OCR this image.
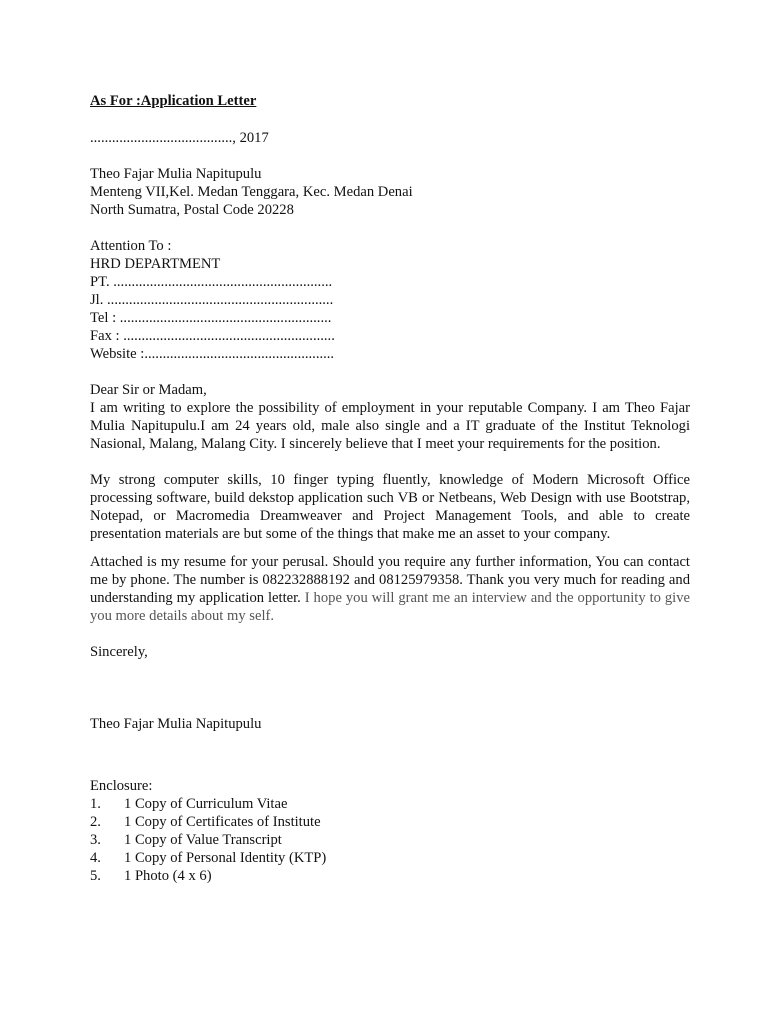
As For :Application Letter
......................................., 2017
Theo Fajar Mulia Napitupulu
Menteng VII,Kel. Medan Tenggara, Kec. Medan Denai
North Sumatra, Postal Code 20228
Attention To :
HRD DEPARTMENT
PT. ............................................................
Jl. ..............................................................
Tel : ..........................................................
Fax : ..........................................................
Website :....................................................
Dear Sir or Madam,

I am writing to explore the possibility of employment in your reputable Company. I am Theo Fajar Mulia Napitupulu.I am 24 years old, male also single and a IT graduate of the Institut Teknologi Nasional, Malang, Malang City. I sincerely believe that I meet your requirements for the position.

My strong computer skills, 10 finger typing fluently, knowledge of Modern Microsoft Office processing software, build dekstop application such VB or Netbeans, Web Design with use Bootstrap, Notepad, or Macromedia Dreamweaver and Project Management Tools, and able to create presentation materials are but some of the things that make me an asset to your company.

Attached is my resume for your perusal. Should you require any further information, You can contact me by phone. The number is 082232888192 and 08125979358. Thank you very much for reading and understanding my application letter. I hope you will grant me an interview and the opportunity to give you more details about my self.

Sincerely,
Theo Fajar Mulia Napitupulu
Enclosure:
1.	1 Copy of Curriculum Vitae
2.	1 Copy of Certificates of Institute
3.	1 Copy of Value Transcript
4.	1 Copy of Personal Identity (KTP)
5.	1 Photo (4 x 6)
